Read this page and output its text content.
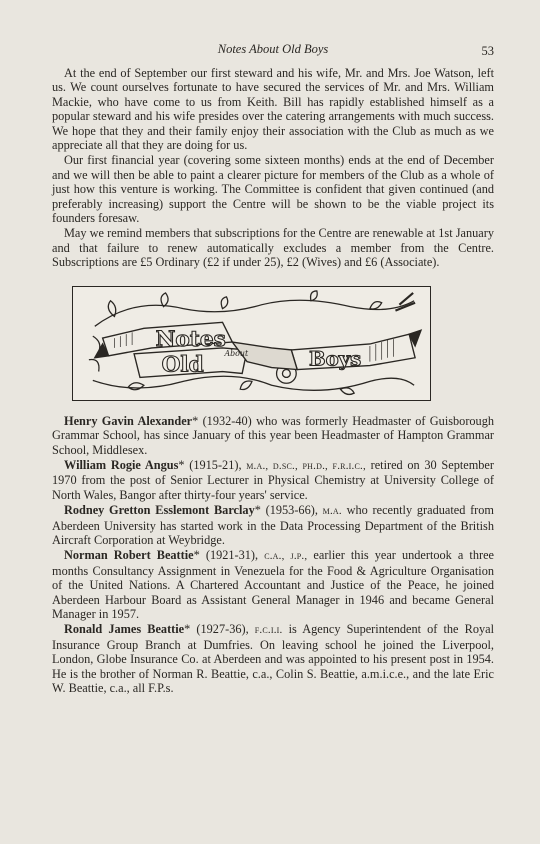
Notes About Old Boys	53

At the end of September our first steward and his wife, Mr. and Mrs. Joe Watson, left us. We count ourselves fortunate to have secured the services of Mr. and Mrs. William Mackie, who have come to us from Keith. Bill has rapidly established himself as a popular steward and his wife presides over the catering arrangements with much success. We hope that they and their family enjoy their association with the Club as much as we appreciate all that they are doing for us.

Our first financial year (covering some sixteen months) ends at the end of December and we will then be able to paint a clearer picture for members of the Club as a whole of just how this venture is working. The Committee is confident that given continued (and preferably increasing) support the Centre will be shown to be the viable project its founders foresaw.

May we remind members that subscriptions for the Centre are renewable at 1st January and that failure to renew automatically excludes a member from the Centre. Subscriptions are £5 Ordinary (£2 if under 25), £2 (Wives) and £6 (Associate).

Notes
About
Old	Boys

Henry Gavin Alexander* (1932-40) who was formerly Headmaster of Guisborough Grammar School, has since January of this year been Headmaster of Hampton Grammar School, Middlesex.

William Rogie Angus* (1915-21), m.a., d.sc., ph.d., f.r.i.c., retired on 30 September 1970 from the post of Senior Lecturer in Physical Chemistry at University College of North Wales, Bangor after thirty-four years' service.

Rodney Gretton Esslemont Barclay* (1953-66), m.a. who recently graduated from Aberdeen University has started work in the Data Processing Department of the British Aircraft Corporation at Weybridge.

Norman Robert Beattie* (1921-31), c.a., j.p., earlier this year undertook a three months Consultancy Assignment in Venezuela for the Food & Agriculture Organisation of the United Nations. A Chartered Accountant and Justice of the Peace, he joined Aberdeen Harbour Board as Assistant General Manager in 1946 and became General Manager in 1957.

Ronald James Beattie* (1927-36), f.c.i.i. is Agency Superintendent of the Royal Insurance Group Branch at Dumfries. On leaving school he joined the Liverpool, London, Globe Insurance Co. at Aberdeen and was appointed to his present post in 1954. He is the brother of Norman R. Beattie, c.a., Colin S. Beattie, a.m.i.c.e., and the late Eric W. Beattie, c.a., all F.P.s.
